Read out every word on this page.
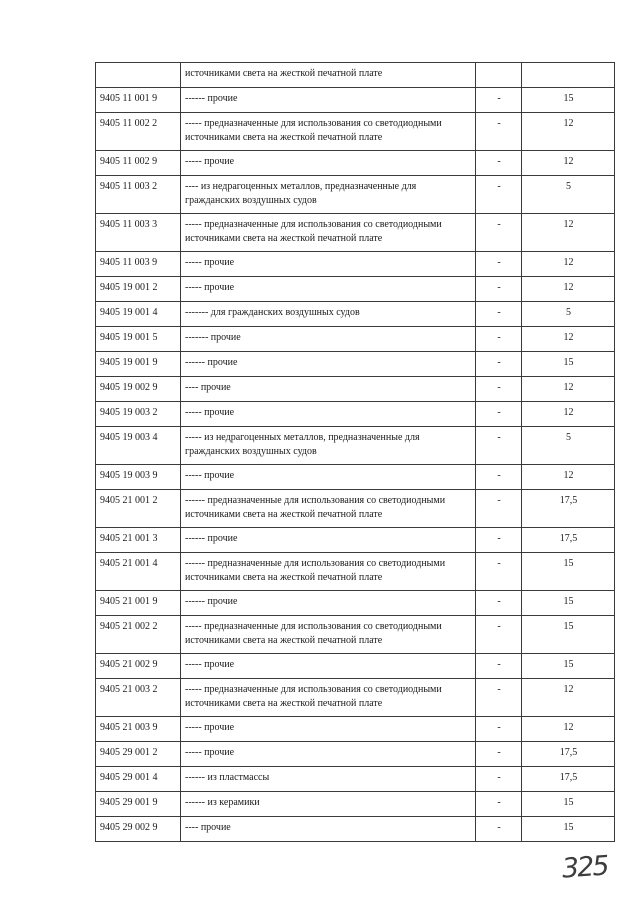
	источниками света на жесткой печатной плате		
9405 11 001 9	------ прочие	-	15
9405 11 002 2	----- предназначенные для использования со светодиодными источниками света на жесткой печатной плате	-	12
9405 11 002 9	----- прочие	-	12
9405 11 003 2	---- из недрагоценных металлов, предназначенные для гражданских воздушных судов	-	5
9405 11 003 3	----- предназначенные для использования со светодиодными источниками света на жесткой печатной плате	-	12
9405 11 003 9	----- прочие	-	12
9405 19 001 2	----- прочие	-	12
9405 19 001 4	------- для гражданских воздушных судов	-	5
9405 19 001 5	------- прочие	-	12
9405 19 001 9	------ прочие	-	15
9405 19 002 9	---- прочие	-	12
9405 19 003 2	----- прочие	-	12
9405 19 003 4	----- из недрагоценных металлов, предназначенные для гражданских воздушных судов	-	5
9405 19 003 9	----- прочие	-	12
9405 21 001 2	------ предназначенные для использования со светодиодными источниками света на жесткой печатной плате	-	17,5
9405 21 001 3	------ прочие	-	17,5
9405 21 001 4	------ предназначенные для использования со светодиодными источниками света на жесткой печатной плате	-	15
9405 21 001 9	------ прочие	-	15
9405 21 002 2	----- предназначенные для использования со светодиодными источниками света на жесткой печатной плате	-	15
9405 21 002 9	----- прочие	-	15
9405 21 003 2	----- предназначенные для использования со светодиодными источниками света на жесткой печатной плате	-	12
9405 21 003 9	----- прочие	-	12
9405 29 001 2	----- прочие	-	17,5
9405 29 001 4	------ из пластмассы	-	17,5
9405 29 001 9	------ из керамики	-	15
9405 29 002 9	---- прочие	-	15
325
